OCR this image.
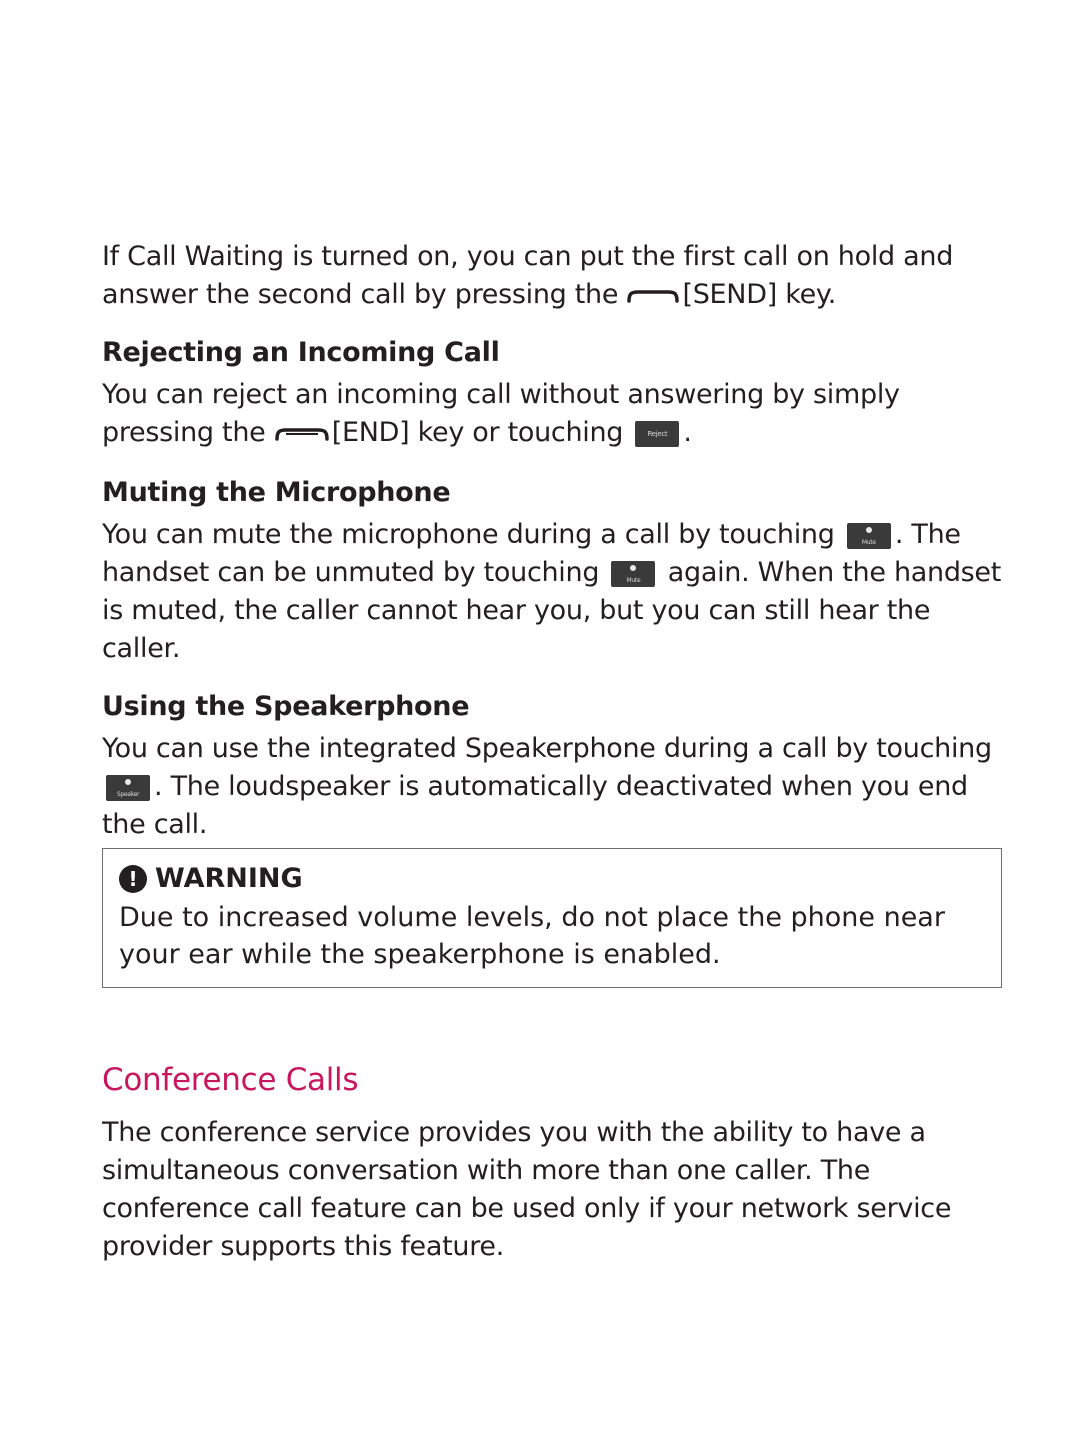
If Call Waiting is turned on, you can put the first call on hold and answer the second call by pressing the [SEND] key.

Rejecting an Incoming Call

You can reject an incoming call without answering by simply pressing the [END] key or touching	Reject .

Muting the Microphone

You can mute the microphone during a call by touching	Mute . The handset can be unmuted by touching	Mute again. When the handset is muted, the caller cannot hear you, but you can still hear the caller.

Using the Speakerphone

You can use the integrated Speakerphone during a call by touching
Speaker . The loudspeaker is automatically deactivated when you end the call.

! WARNING
Due to increased volume levels, do not place the phone near your ear while the speakerphone is enabled.
Conference Calls

The conference service provides you with the ability to have a simultaneous conversation with more than one caller. The conference call feature can be used only if your network service provider supports this feature.
